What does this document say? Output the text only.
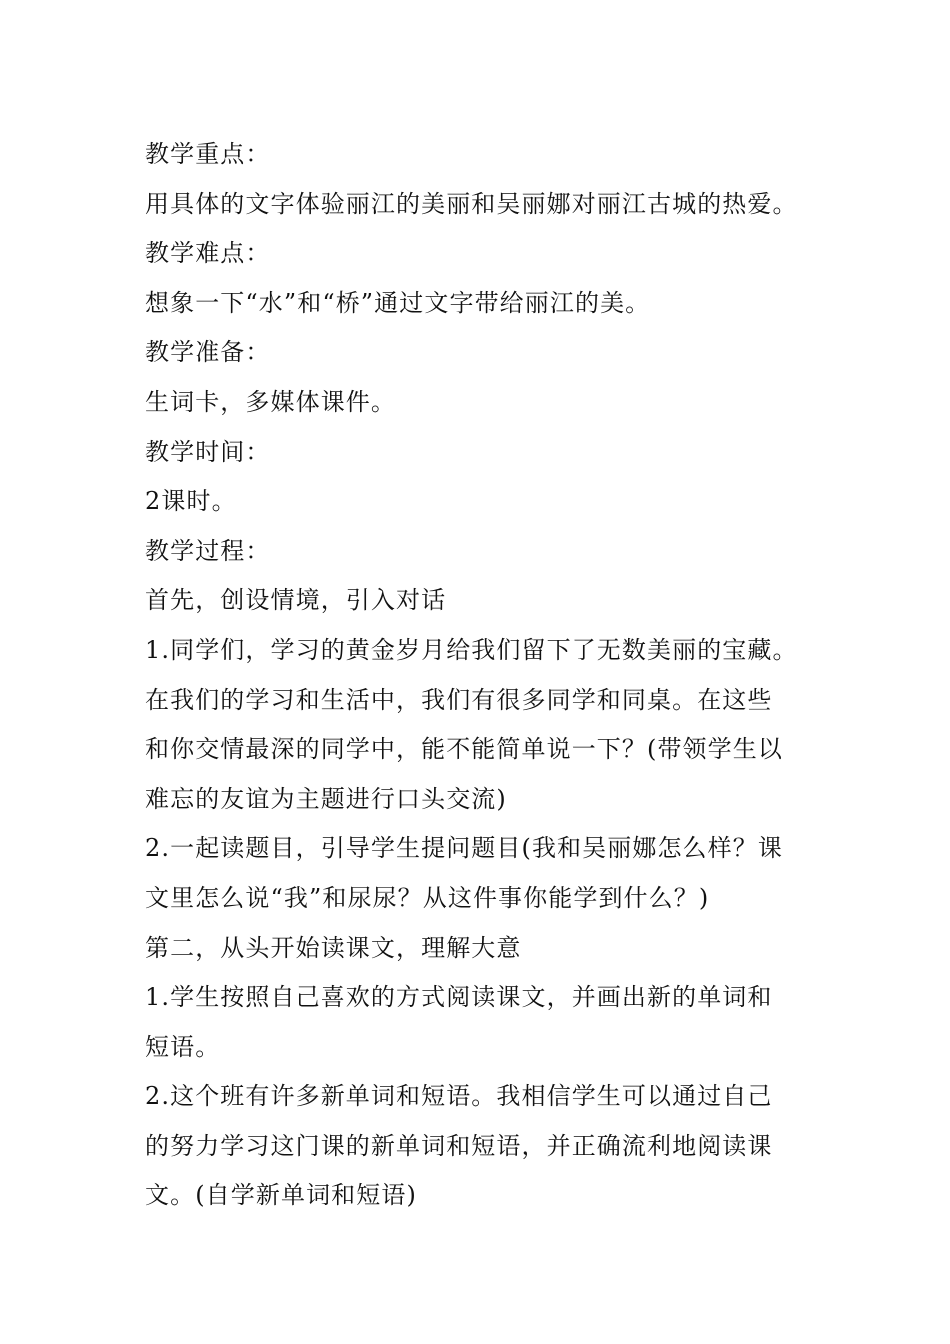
教学重点：
用具体的文字体验丽江的美丽和吴丽娜对丽江古城的热爱。
教学难点：
想象一下“水”和“桥”通过文字带给丽江的美。
教学准备：
生词卡，多媒体课件。
教学时间：
2课时。
教学过程：
首先，创设情境，引入对话
1.同学们，学习的黄金岁月给我们留下了无数美丽的宝藏。
在我们的学习和生活中，我们有很多同学和同桌。在这些
和你交情最深的同学中，能不能简单说一下？(带领学生以
难忘的友谊为主题进行口头交流)
2.一起读题目，引导学生提问题目(我和吴丽娜怎么样？课
文里怎么说“我”和尿尿？从这件事你能学到什么？)
第二，从头开始读课文，理解大意
1.学生按照自己喜欢的方式阅读课文，并画出新的单词和
短语。
2.这个班有许多新单词和短语。我相信学生可以通过自己
的努力学习这门课的新单词和短语，并正确流利地阅读课
文。(自学新单词和短语)
